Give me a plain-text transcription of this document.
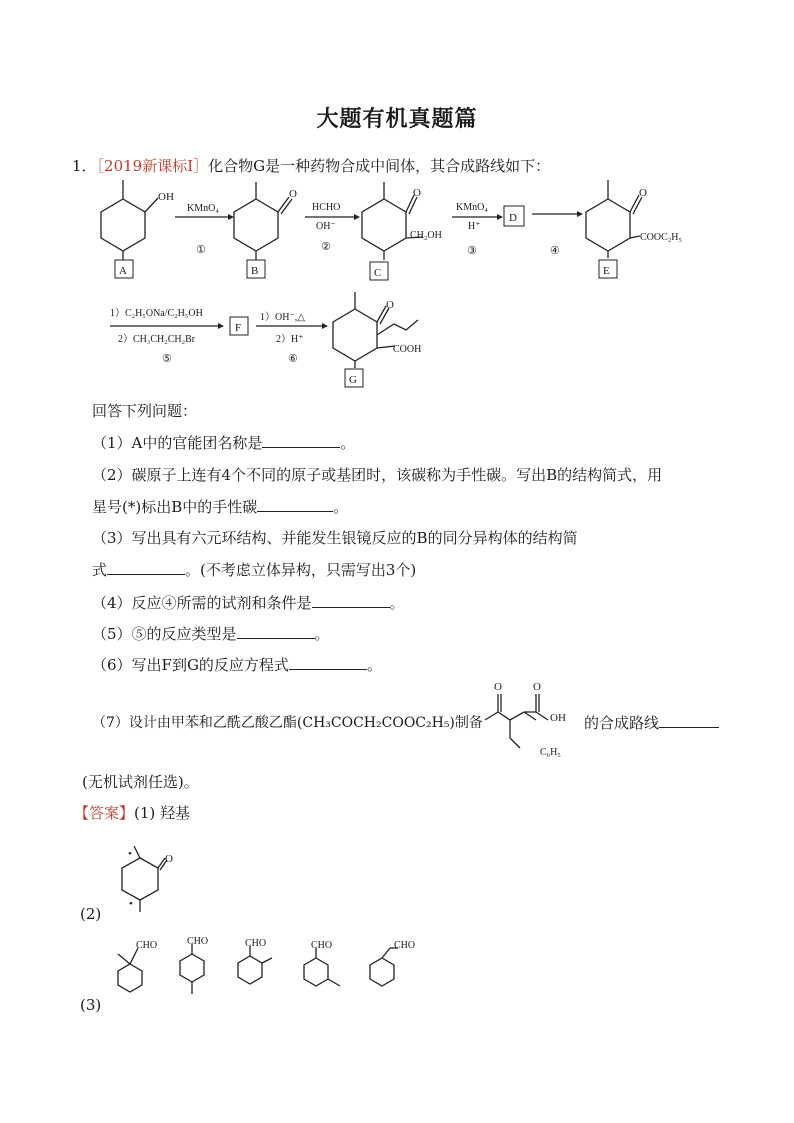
大题有机真题篇
1．［2019新课标Ⅰ］化合物G是一种药物合成中间体，其合成路线如下：
OH
A
KMnO₄
①
O
B
HCHO
OH⁻
②
O
CH₂OH
C
KMnO₄
H⁺
③
D
④
O
COOC₂H₅
E
1）C₂H₅ONa/C₂H₅OH
2）CH₃CH₂CH₂Br
⑤
F
1）OH⁻,△
2）H⁺
⑥
O
COOH
G
回答下列问题：
（1）A中的官能团名称是	。
（2）碳原子上连有4个不同的原子或基团时，该碳称为手性碳。写出B的结构简式，用
星号(*)标出B中的手性碳	。
（3）写出具有六元环结构、并能发生银镜反应的B的同分异构体的结构简
式	。(不考虑立体异构，只需写出3个)
（4）反应④所需的试剂和条件是	。
（5）⑤的反应类型是	。
（6）写出F到G的反应方程式	。
（7）设计由甲苯和乙酰乙酸乙酯(CH₃COCH₂COOC₂H₅)制备
O	O
OH
C₆H₅
的合成路线
(无机试剂任选)。
【答案】(1) 羟基
(2)
•
•
O
(3)
CHO	CHO	CHO	CHO	CHO
